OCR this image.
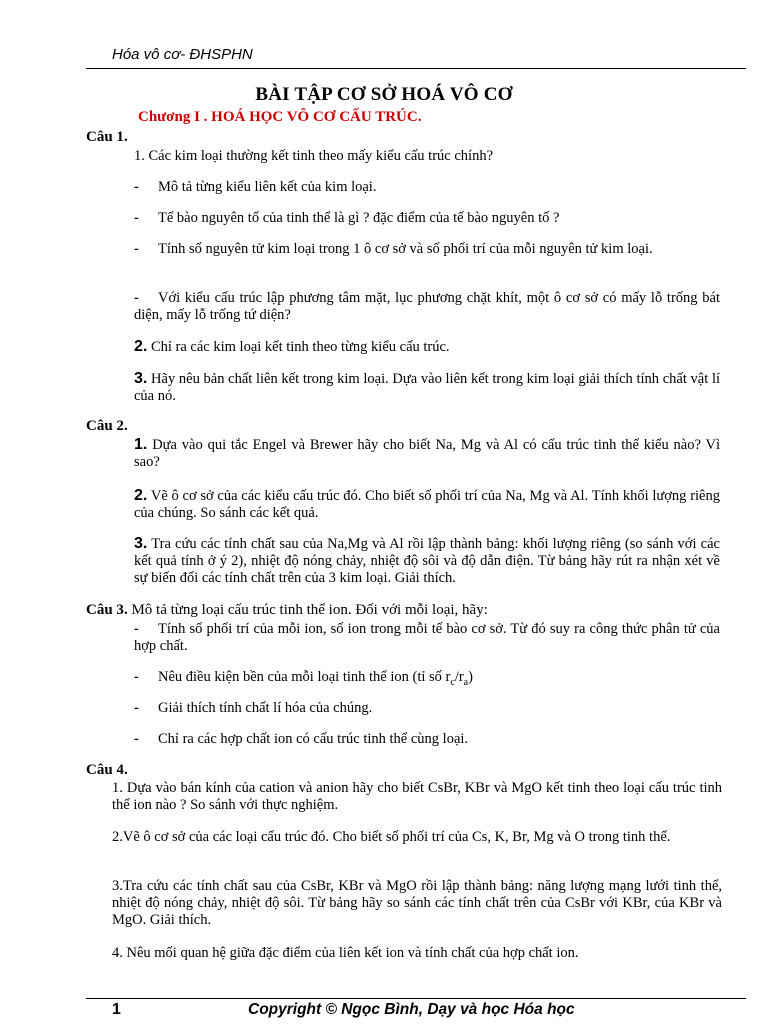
Hóa vô cơ- ĐHSPHN
BÀI TẬP CƠ SỞ HOÁ VÔ CƠ
Chương I . HOÁ HỌC VÔ CƠ CẤU TRÚC.
Câu 1.
1. Các kim loại thường kết tinh theo mấy kiểu cấu trúc chính?
- Mô tả từng kiểu liên kết của kim loại.
- Tế bào nguyên tố của tinh thể là gì ? đặc điểm của tế bào nguyên tố ?
- Tính số nguyên tử kim loại trong 1 ô cơ sở và số phối trí của mỗi nguyên tử kim loại.
- Với kiểu cấu trúc lập phương tâm mặt, lục phương chặt khít, một ô cơ sở có mấy lỗ trống bát diện, mấy lỗ trống tứ diện?
2. Chỉ ra các kim loại kết tinh theo từng kiểu cấu trúc.
3. Hãy nêu bản chất liên kết trong kim loại. Dựa vào liên kết trong kim loại giải thích tính chất vật lí của nó.
Câu 2.
1. Dựa vào qui tắc Engel và Brewer hãy cho biết Na, Mg và Al có cấu trúc tinh thể kiểu nào? Vì sao?
2. Vẽ ô cơ sở của các kiểu cấu trúc đó. Cho biết số phối trí của Na, Mg và Al. Tính khối lượng riêng của chúng. So sánh các kết quả.
3. Tra cứu các tính chất sau của Na,Mg và Al rồi lập thành bảng: khối lượng riêng (so sánh với các kết quả tính ở ý 2), nhiệt độ nóng chảy, nhiệt độ sôi và độ dẫn điện. Từ bảng hãy rút ra nhận xét về sự biến đổi các tính chất trên của 3 kim loại. Giải thích.
Câu 3. Mô tả từng loại cấu trúc tinh thể ion. Đối với mỗi loại, hãy:
- Tính số phối trí của mỗi ion, số ion trong mỗi tế bào cơ sở. Từ đó suy ra công thức phân tử của hợp chất.
- Nêu điều kiện bền của mỗi loại tinh thể ion (tỉ số $r_c/r_a$)
- Giải thích tính chất lí hóa của chúng.
- Chỉ ra các hợp chất ion có cấu trúc tinh thể cùng loại.
Câu 4.
1. Dựa vào bán kính của cation và anion hãy cho biết CsBr, KBr và MgO kết tinh theo loại cấu trúc tinh thể ion nào ? So sánh với thực nghiệm.
2.Vẽ ô cơ sở của các loại cấu trúc đó. Cho biết số phối trí của Cs, K, Br, Mg và O trong tinh thể.
3.Tra cứu các tính chất sau của CsBr, KBr và MgO rồi lập thành bảng: năng lượng mạng lưới tinh thể, nhiệt độ nóng chảy, nhiệt độ sôi. Từ bảng hãy so sánh các tính chất trên của CsBr với KBr, của KBr và MgO. Giải thích.
4. Nêu mối quan hệ giữa đặc điểm của liên kết ion và tính chất của hợp chất ion.
1	Copyright © Ngọc Bình, Dạy và học Hóa học
